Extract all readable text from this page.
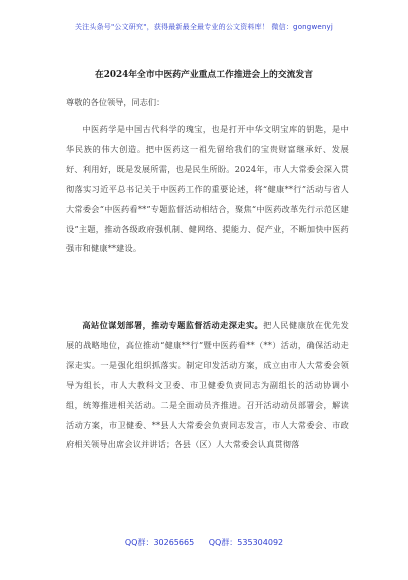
关注头条号"公文研究"，获得最新最全最专业的公文资料库！ 微信：gongwenyj
在2024年全市中医药产业重点工作推进会上的交流发言
尊敬的各位领导，同志们：

中医药学是中国古代科学的瑰宝，也是打开中华文明宝库的钥匙，是中华民族的伟大创造。把中医药这一祖先留给我们的宝贵财富继承好、发展好、利用好，既是发展所需，也是民生所盼。2024年，市人大常委会深入贯彻落实习近平总书记关于中医药工作的重要论述，将“健康**行”活动与省人大常委会“中医药看**”专题监督活动相结合，聚焦“中医药改革先行示范区建设”主题，推动各级政府强机制、健网络、提能力、促产业，不断加快中医药强市和健康**建设。

高站位谋划部署，推动专题监督活动走深走实。把人民健康放在优先发展的战略地位，高位推动“健康**行”暨中医药看**（**）活动，确保活动走深走实。一是强化组织抓落实。制定印发活动方案，成立由市人大常委会领导为组长，市人大教科文卫委、市卫健委负责同志为副组长的活动协调小组，统筹推进相关活动。二是全面动员齐推进。召开活动动员部署会，解读活动方案，市卫健委、**县人大常委会负责同志发言，市人大常委会、市政府相关领导出席会议并讲话；各县（区）人大常委会认真贯彻落

QQ群：30265665 QQ群：535304092
